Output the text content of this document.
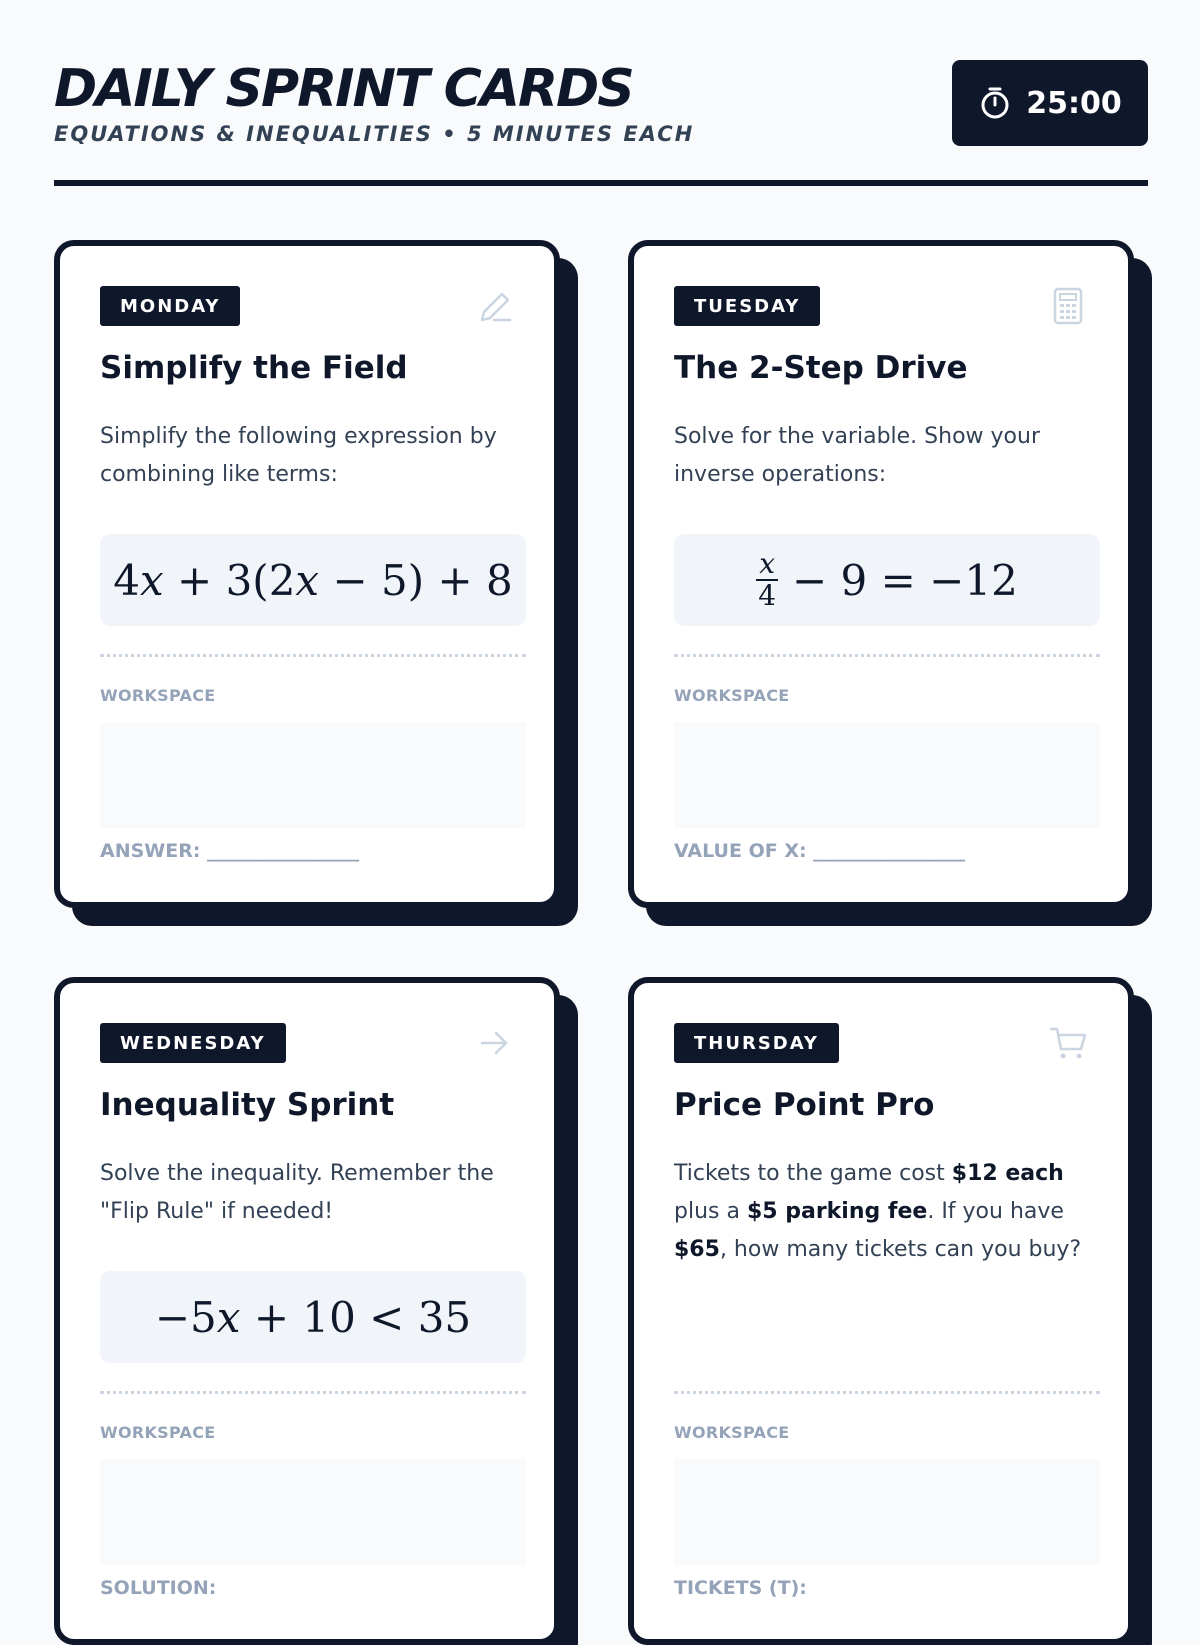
DAILY SPRINT CARDS
EQUATIONS & INEQUALITIES • 5 MINUTES EACH
25:00
MONDAY
Simplify the Field

Simplify the following expression by combining like terms:

4 x + 3(2 x − 5) + 8
WORKSPACE
ANSWER: ________________
TUESDAY
The 2-Step Drive

Solve for the variable. Show your inverse operations:

$\frac{x}{4} - 9 = -12$
WORKSPACE
VALUE OF X: ________________
WEDNESDAY
Inequality Sprint

Solve the inequality. Remember the "Flip Rule" if needed!

−5 x + 10 < 35
WORKSPACE
SOLUTION:
THURSDAY
Price Point Pro

Tickets to the game cost $12 each plus a $5 parking fee. If you have $65, how many tickets can you buy?

WORKSPACE
TICKETS (T):
